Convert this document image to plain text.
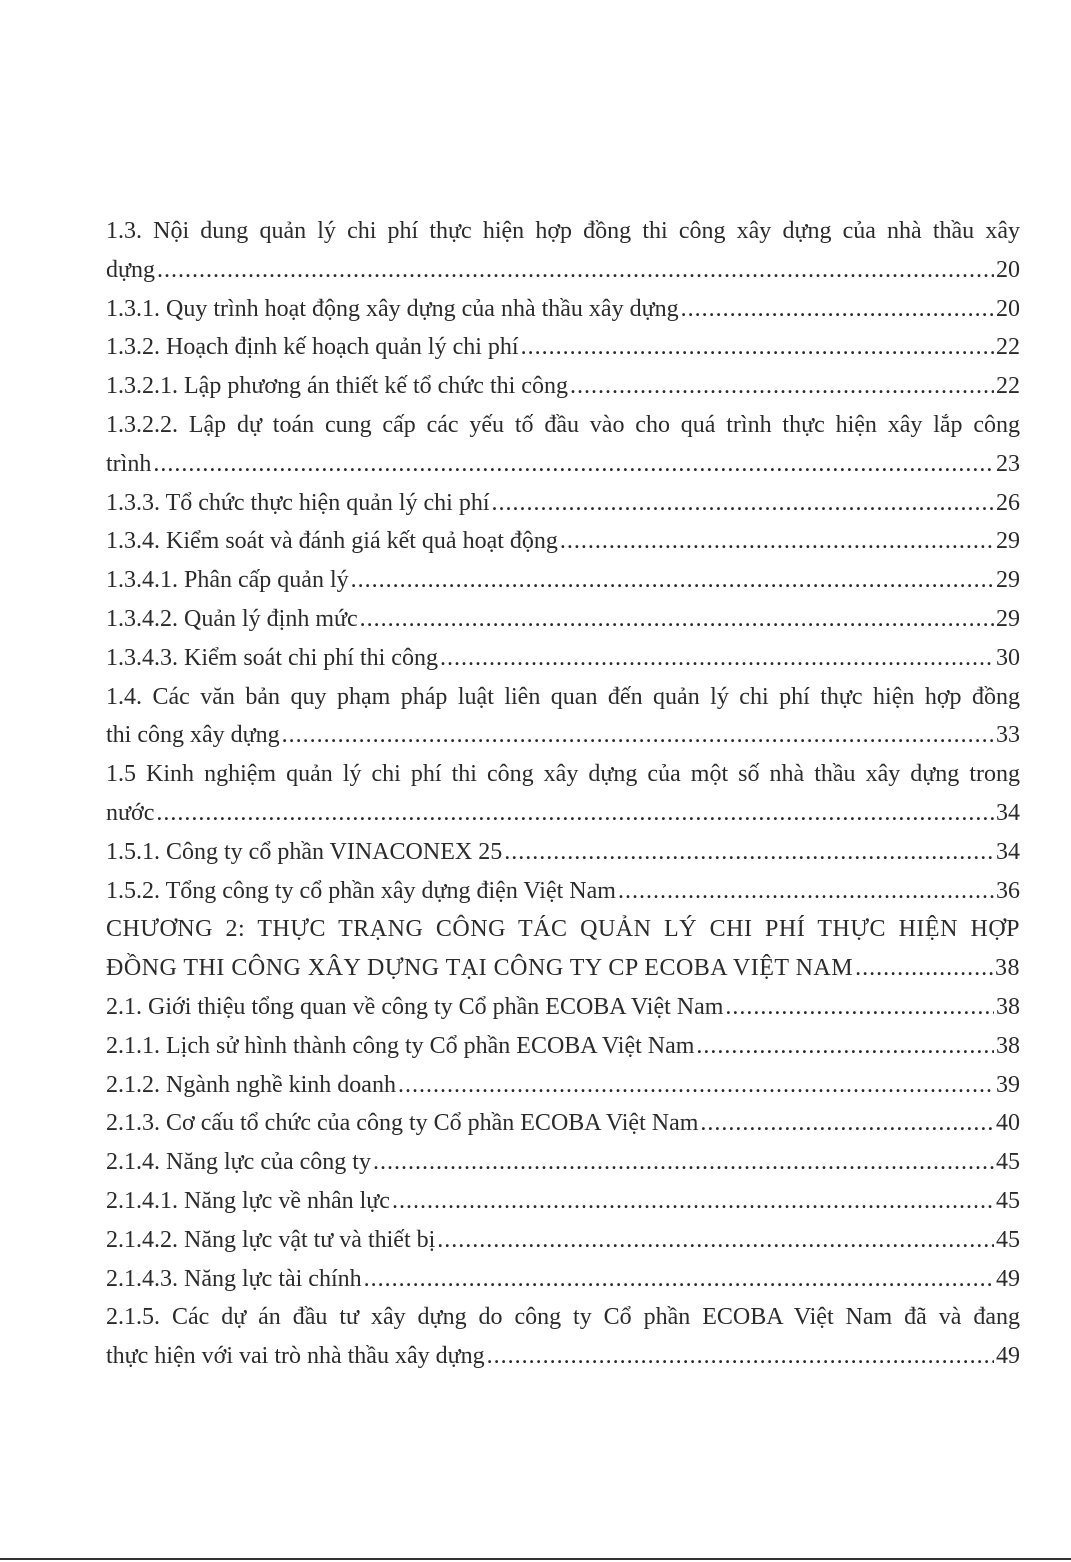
1.3. Nội dung quản lý chi phí thực hiện hợp đồng thi công xây dựng của nhà thầu xây
dựng .....	20
1.3.1. Quy trình hoạt động xây dựng của nhà thầu xây dựng .....	20
1.3.2. Hoạch định kế hoạch quản lý chi phí .....	22
1.3.2.1. Lập phương án thiết kế tổ chức thi công .....	22
1.3.2.2. Lập dự toán cung cấp các yếu tố đầu vào cho quá trình thực hiện xây lắp công
trình .....	23
1.3.3. Tổ chức thực hiện quản lý chi phí .....	26
1.3.4. Kiểm soát và đánh giá kết quả hoạt động .....	29
1.3.4.1. Phân cấp quản lý .....	29
1.3.4.2. Quản lý định mức .....	29
1.3.4.3. Kiểm soát chi phí thi công .....	30
1.4. Các văn bản quy phạm pháp luật liên quan đến quản lý chi phí thực hiện hợp đồng
thi công xây dựng .....	33
1.5 Kinh nghiệm quản lý chi phí thi công xây dựng của một số nhà thầu xây dựng trong
nước .....	34
1.5.1. Công ty cổ phần VINACONEX 25 .....	34
1.5.2. Tổng công ty cổ phần xây dựng điện Việt Nam .....	36
CHƯƠNG 2: THỰC TRẠNG CÔNG TÁC QUẢN LÝ CHI PHÍ THỰC HIỆN HỢP
ĐỒNG THI CÔNG XÂY DỰNG TẠI CÔNG TY CP ECOBA VIỆT NAM .....	38
2.1. Giới thiệu tổng quan về công ty Cổ phần ECOBA Việt Nam .....	38
2.1.1. Lịch sử hình thành công ty Cổ phần ECOBA Việt Nam .....	38
2.1.2. Ngành nghề kinh doanh .....	39
2.1.3. Cơ cấu tổ chức của công ty Cổ phần ECOBA Việt Nam .....	40
2.1.4. Năng lực của công ty .....	45
2.1.4.1. Năng lực về nhân lực .....	45
2.1.4.2. Năng lực vật tư và thiết bị .....	45
2.1.4.3. Năng lực tài chính .....	49
2.1.5. Các dự án đầu tư xây dựng do công ty Cổ phần ECOBA Việt Nam đã và đang
thực hiện với vai trò nhà thầu xây dựng .....	49
